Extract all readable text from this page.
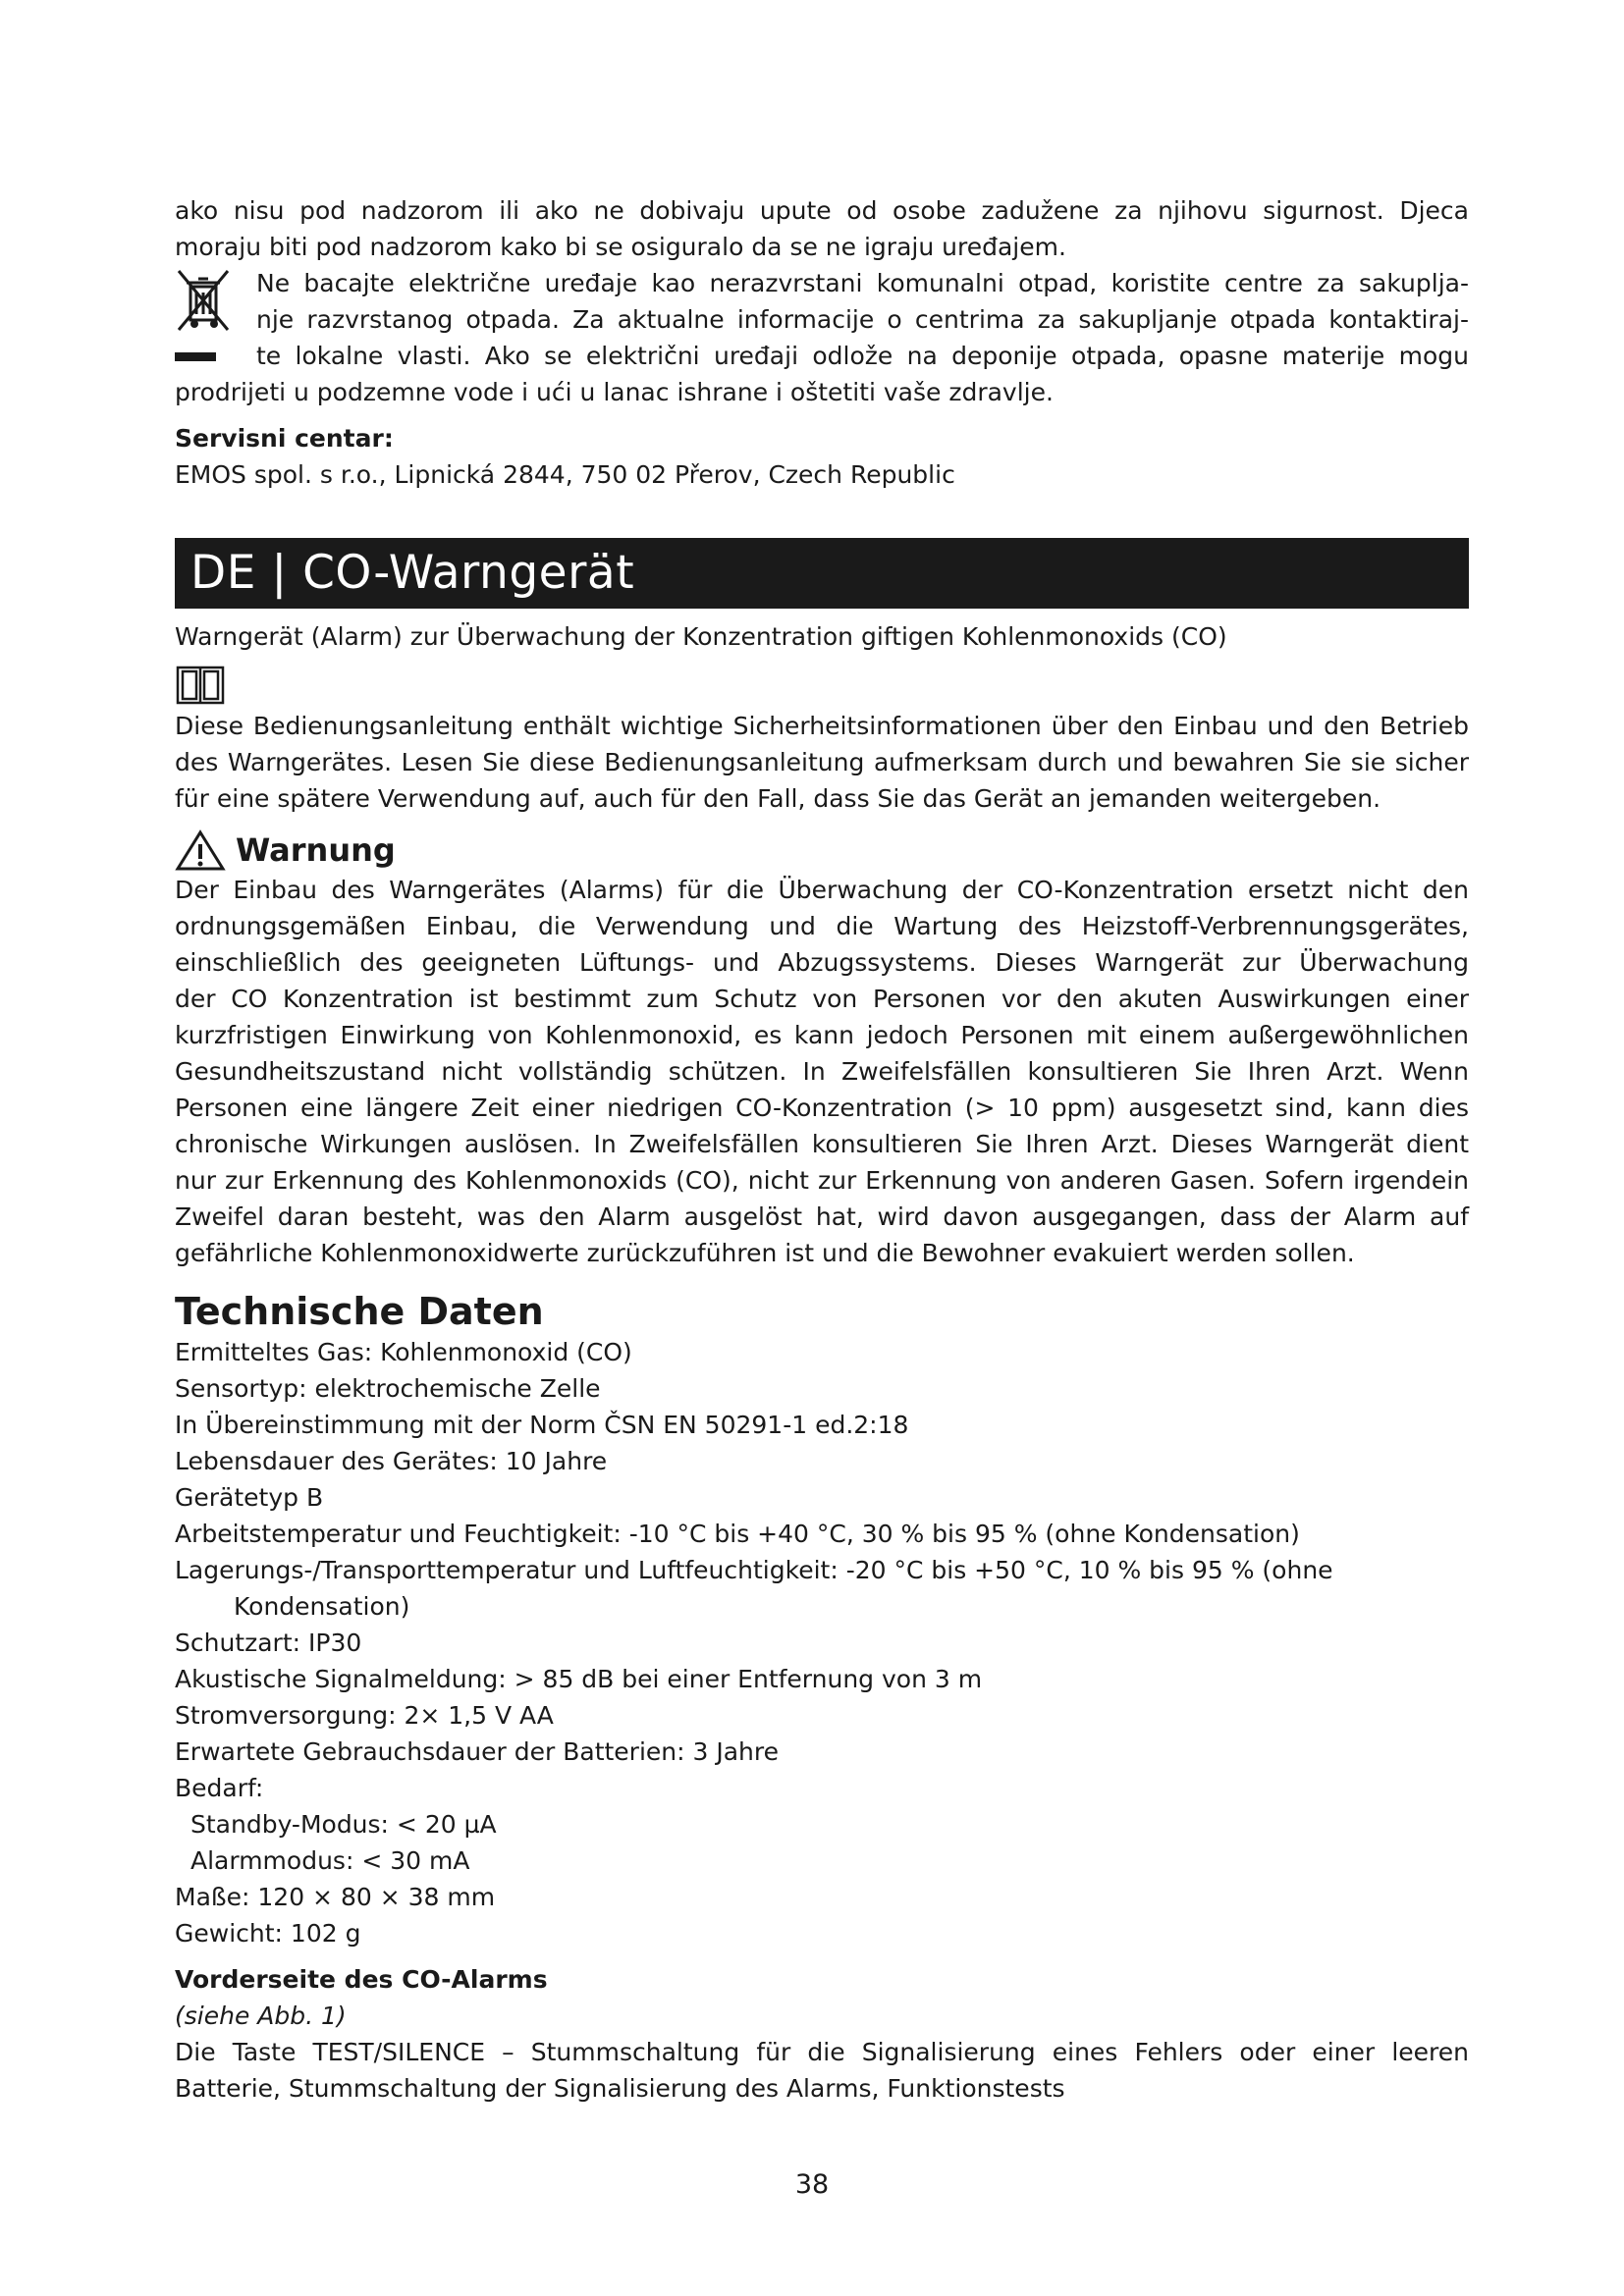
ako nisu pod nadzorom ili ako ne dobivaju upute od osobe zadužene za njihovu sigurnost. Djeca
moraju biti pod nadzorom kako bi se osiguralo da se ne igraju uređajem.
Ne bacajte električne uređaje kao nerazvrstani komunalni otpad, koristite centre za sakuplja-
nje razvrstanog otpada. Za aktualne informacije o centrima za sakupljanje otpada kontaktiraj-
te lokalne vlasti. Ako se električni uređaji odlože na deponije otpada, opasne materije mogu
prodrijeti u podzemne vode i ući u lanac ishrane i oštetiti vaše zdravlje.
Servisni centar:
EMOS spol. s r.o., Lipnická 2844, 750 02 Přerov, Czech Republic
DE | CO-Warngerät
Warngerät (Alarm) zur Überwachung der Konzentration giftigen Kohlenmonoxids (CO)
Diese Bedienungsanleitung enthält wichtige Sicherheitsinformationen über den Einbau und den Betrieb
des Warngerätes. Lesen Sie diese Bedienungsanleitung aufmerksam durch und bewahren Sie sie sicher
für eine spätere Verwendung auf, auch für den Fall, dass Sie das Gerät an jemanden weitergeben.
Warnung
Der Einbau des Warngerätes (Alarms) für die Überwachung der CO-Konzentration ersetzt nicht den
ordnungsgemäßen Einbau, die Verwendung und die Wartung des Heizstoff-Verbrennungsgerätes,
einschließlich des geeigneten Lüftungs- und Abzugssystems. Dieses Warngerät zur Überwachung
der CO Konzentration ist bestimmt zum Schutz von Personen vor den akuten Auswirkungen einer
kurzfristigen Einwirkung von Kohlenmonoxid, es kann jedoch Personen mit einem außergewöhnlichen
Gesundheitszustand nicht vollständig schützen. In Zweifelsfällen konsultieren Sie Ihren Arzt. Wenn
Personen eine längere Zeit einer niedrigen CO-Konzentration (> 10 ppm) ausgesetzt sind, kann dies
chronische Wirkungen auslösen. In Zweifelsfällen konsultieren Sie Ihren Arzt. Dieses Warngerät dient
nur zur Erkennung des Kohlenmonoxids (CO), nicht zur Erkennung von anderen Gasen. Sofern irgendein
Zweifel daran besteht, was den Alarm ausgelöst hat, wird davon ausgegangen, dass der Alarm auf
gefährliche Kohlenmonoxidwerte zurückzuführen ist und die Bewohner evakuiert werden sollen.
Technische Daten
Ermitteltes Gas: Kohlenmonoxid (CO)
Sensortyp: elektrochemische Zelle
In Übereinstimmung mit der Norm ČSN EN 50291-1 ed.2:18
Lebensdauer des Gerätes: 10 Jahre
Gerätetyp B
Arbeitstemperatur und Feuchtigkeit: -10 °C bis +40 °C, 30 % bis 95 % (ohne Kondensation)
Lagerungs-/Transporttemperatur und Luftfeuchtigkeit: -20 °C bis +50 °C, 10 % bis 95 % (ohne
Kondensation)
Schutzart: IP30
Akustische Signalmeldung: > 85 dB bei einer Entfernung von 3 m
Stromversorgung: 2× 1,5 V AA
Erwartete Gebrauchsdauer der Batterien: 3 Jahre
Bedarf:
Standby-Modus: < 20 µA
Alarmmodus: < 30 mA
Maße: 120 × 80 × 38 mm
Gewicht: 102 g
Vorderseite des CO-Alarms
(siehe Abb. 1)
Die Taste TEST/SILENCE – Stummschaltung für die Signalisierung eines Fehlers oder einer leeren
Batterie, Stummschaltung der Signalisierung des Alarms, Funktionstests
38
